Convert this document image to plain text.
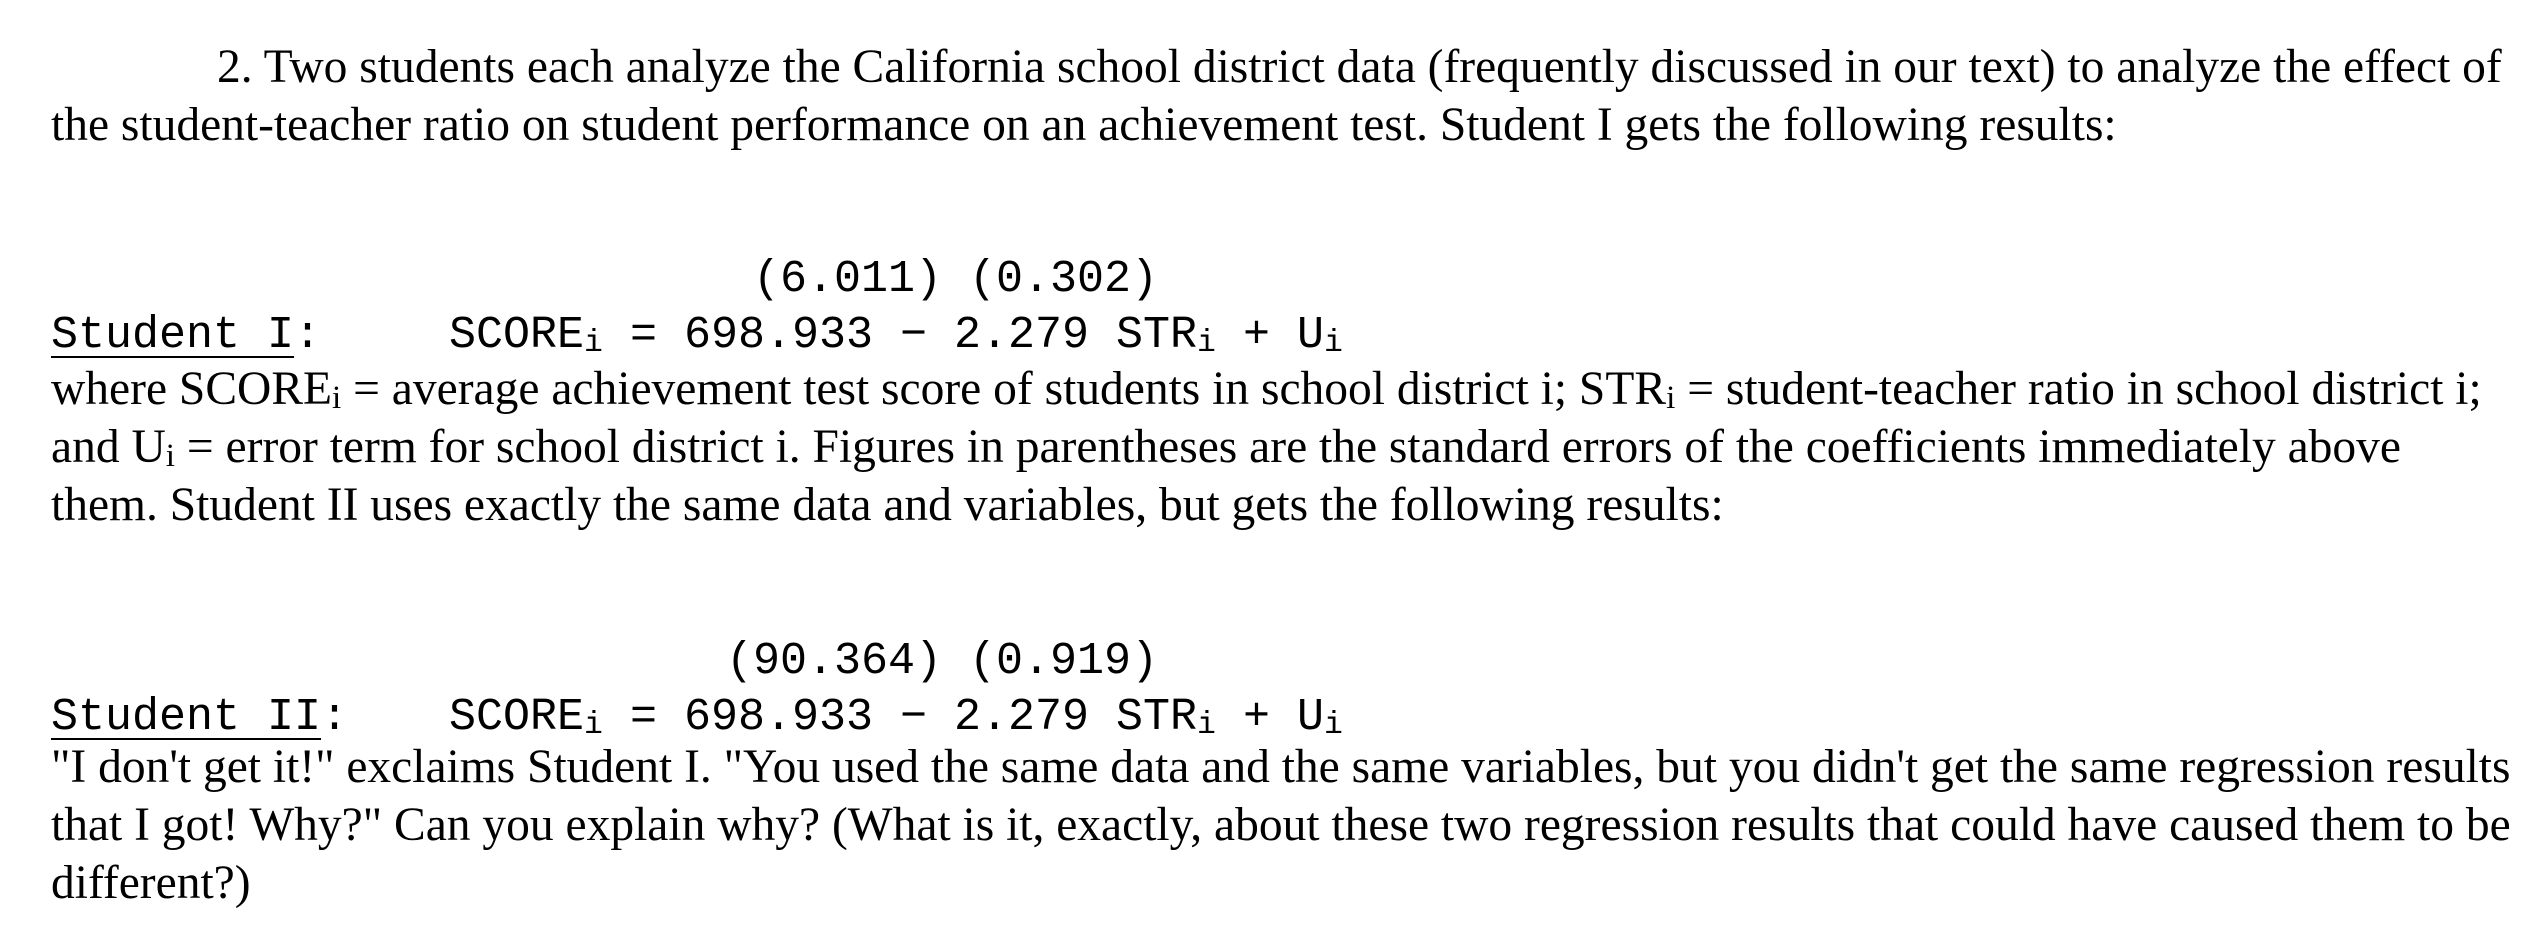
2. Two students each analyze the California school district data (frequently discussed in our text) to analyze the effect of the student-teacher ratio on student performance on an achievement test. Student I gets the following results:

Student I:

	$SCORE_i = 698.933 - 2.279$ $STR_i + U_i$

(6.011) (0.302)

where $SCORE_i$ = average achievement test score of students in school district i; $STR_i$ = student-teacher ratio in school district i; and $U_i$ = error term for school district i. Figures in parentheses are the standard errors of the coefficients immediately above them. Student II uses exactly the same data and variables, but gets the following results:

Student II:

$SCORE_i = 698.933 - 2.279$ $STR_i + U_i$

(90.364) (0.919)

"I don't get it!" exclaims Student I. "You used the same data and the same variables, but you didn't get the same regression results that I got! Why?" Can you explain why? (What is it, exactly, about these two regression results that could have caused them to be different?)
